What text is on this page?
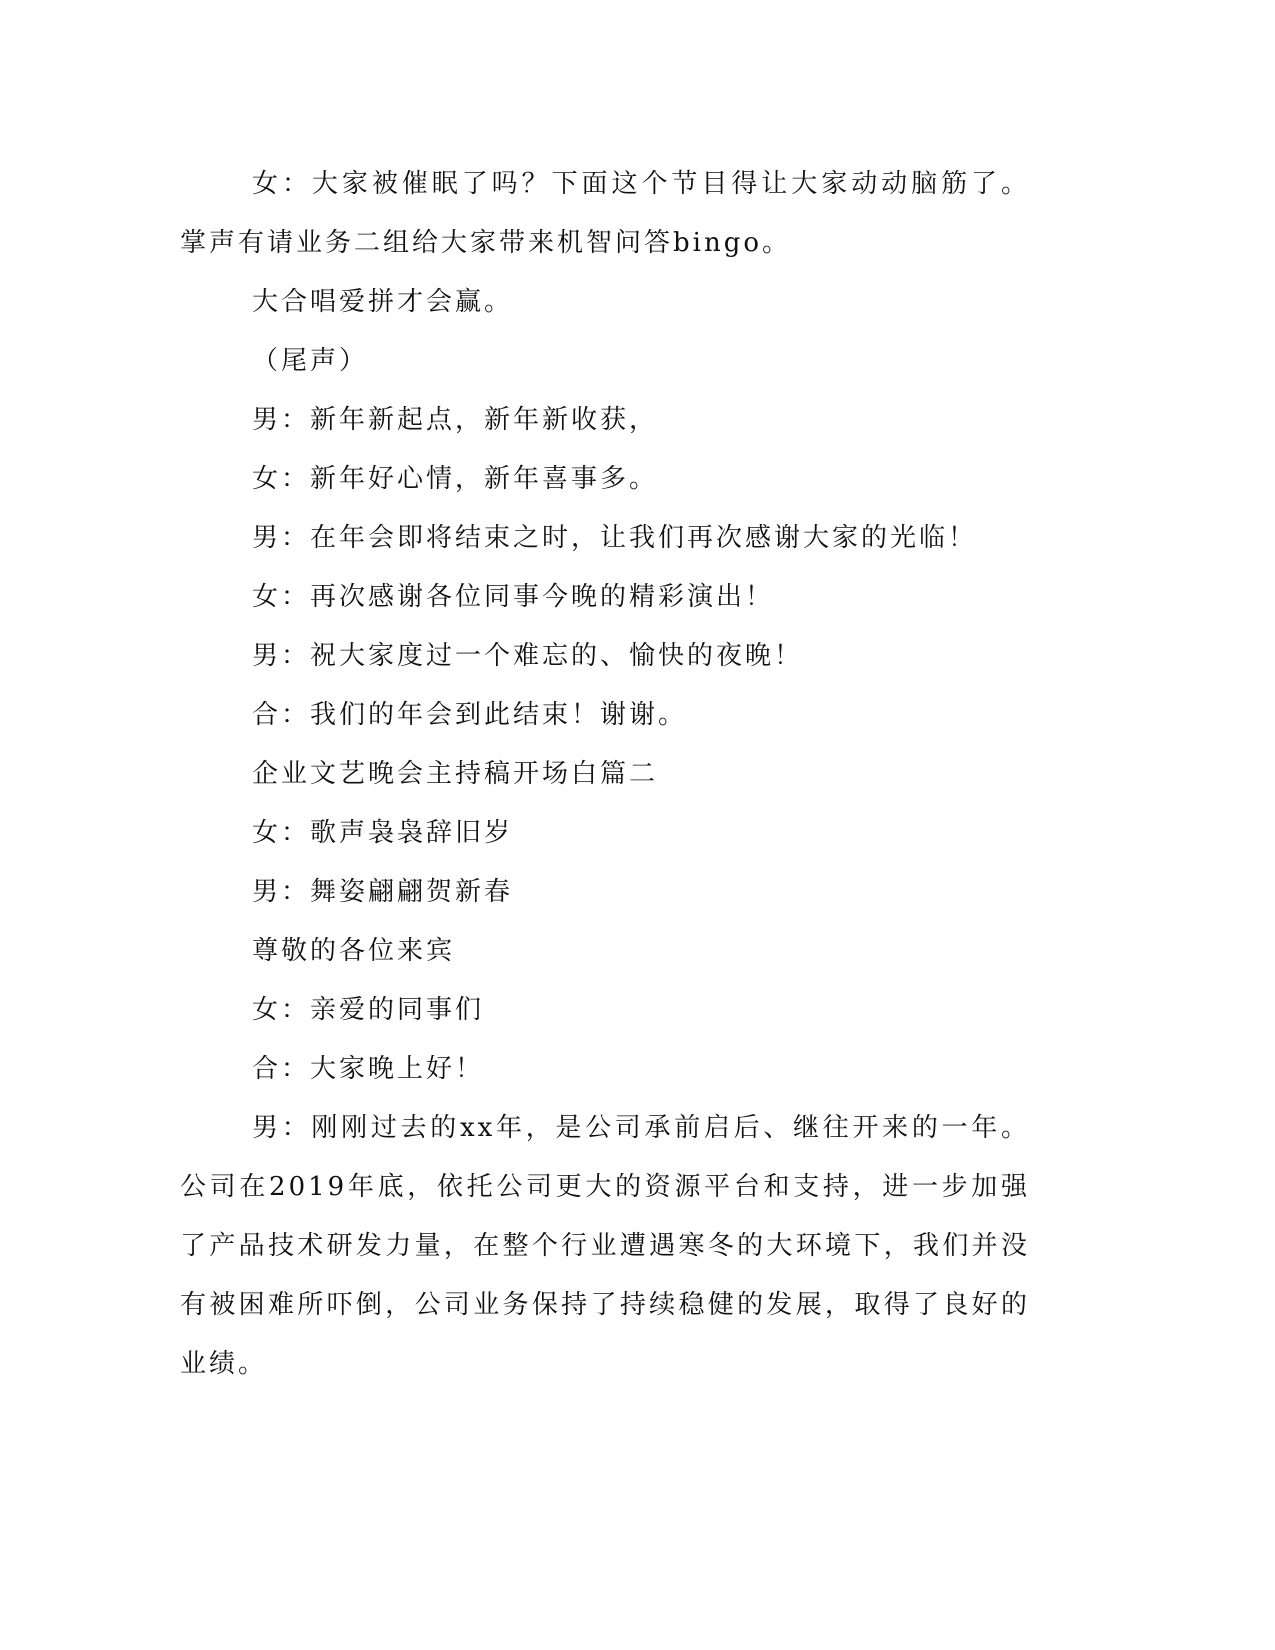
女：大家被催眠了吗？下面这个节目得让大家动动脑筋了。掌声有请业务二组给大家带来机智问答bingo。

大合唱爱拼才会赢。

（尾声）

男：新年新起点，新年新收获，

女：新年好心情，新年喜事多。

男：在年会即将结束之时，让我们再次感谢大家的光临！

女：再次感谢各位同事今晚的精彩演出！

男：祝大家度过一个难忘的、愉快的夜晚！

合：我们的年会到此结束！谢谢。

企业文艺晚会主持稿开场白篇二

女：歌声袅袅辞旧岁

男：舞姿翩翩贺新春

尊敬的各位来宾

女：亲爱的同事们

合：大家晚上好！

男：刚刚过去的xx年，是公司承前启后、继往开来的一年。公司在2019年底，依托公司更大的资源平台和支持，进一步加强了产品技术研发力量，在整个行业遭遇寒冬的大环境下，我们并没有被困难所吓倒，公司业务保持了持续稳健的发展，取得了良好的业绩。
